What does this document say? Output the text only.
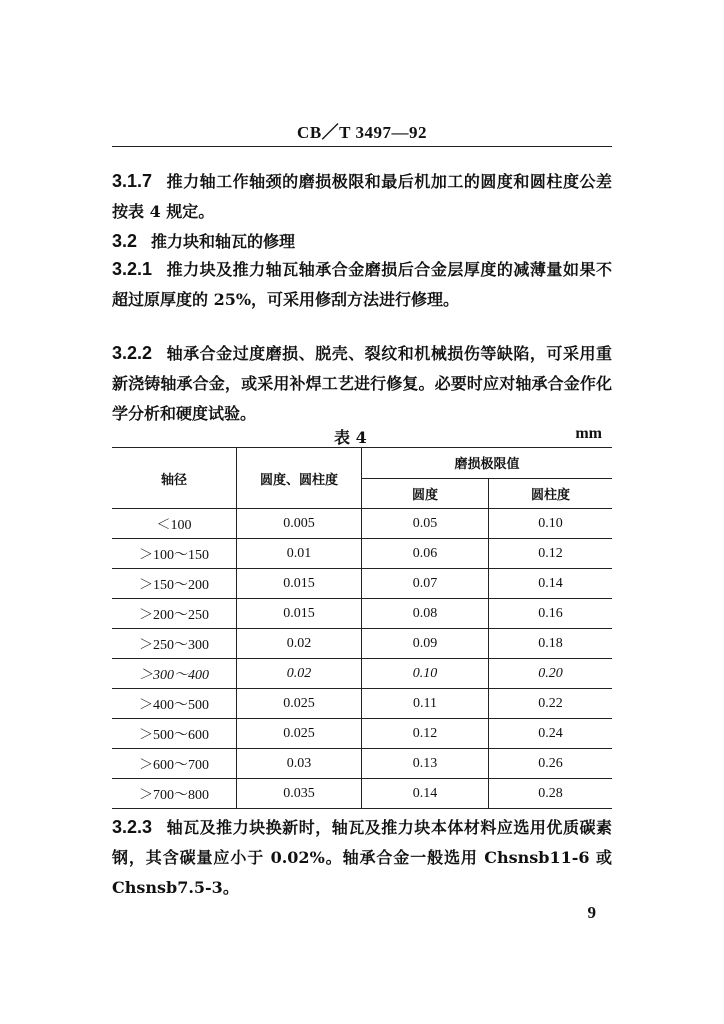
CB／T 3497—92

3.1.7 推力轴工作轴颈的磨损极限和最后机加工的圆度和圆柱度公差按表 4 规定。

3.2 推力块和轴瓦的修理

3.2.1 推力块及推力轴瓦轴承合金磨损后合金层厚度的减薄量如果不超过原厚度的 25%，可采用修刮方法进行修理。

3.2.2 轴承合金过度磨损、脱壳、裂纹和机械损伤等缺陷，可采用重新浇铸轴承合金，或采用补焊工艺进行修复。必要时应对轴承合金作化学分析和硬度试验。

表 4	mm
轴径	圆度、圆柱度	磨损极限值	
		圆度	圆柱度
＜100	0.005	0.05	0.10
＞100～150	0.01	0.06	0.12
＞150～200	0.015	0.07	0.14
＞200～250	0.015	0.08	0.16
＞250～300	0.02	0.09	0.18
＞300～400	0.02	0.10	0.20
＞400～500	0.025	0.11	0.22
＞500～600	0.025	0.12	0.24
＞600～700	0.03	0.13	0.26
＞700～800	0.035	0.14	0.28

3.2.3 轴瓦及推力块换新时，轴瓦及推力块本体材料应选用优质碳素钢，其含碳量应小于 0.02%。轴承合金一般选用 Chsnsb11-6 或 Chsnsb7.5-3。

9
